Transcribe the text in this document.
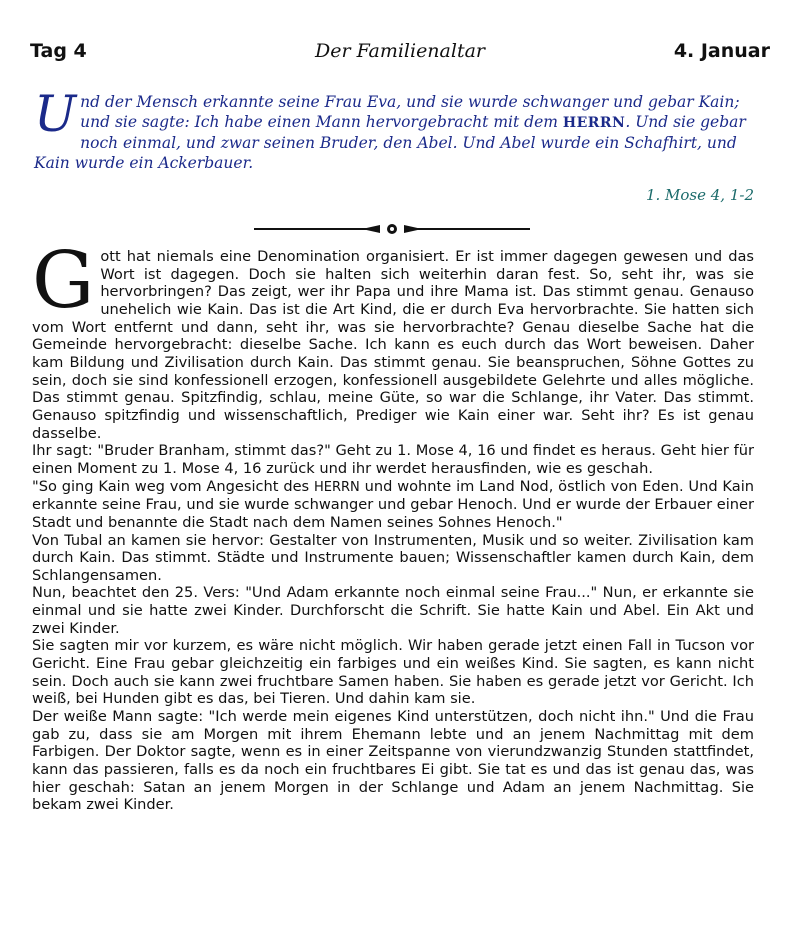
Tag 4	Der Familienaltar	4. Januar
Und der Mensch erkannte seine Frau Eva, und sie wurde schwanger und gebar Kain; und sie sagte: Ich habe einen Mann hervorgebracht mit dem HERRN. Und sie gebar noch einmal, und zwar seinen Bruder, den Abel. Und Abel wurde ein Schafhirt, und Kain wurde ein Ackerbauer.
1. Mose 4, 1-2

Gott hat niemals eine Denomination organisiert. Er ist immer dagegen gewesen und das Wort ist dagegen. Doch sie halten sich weiterhin daran fest. So, seht ihr, was sie hervorbringen? Das zeigt, wer ihr Papa und ihre Mama ist. Das stimmt genau. Genauso unehelich wie Kain. Das ist die Art Kind, die er durch Eva hervorbrachte. Sie hatten sich vom Wort entfernt und dann, seht ihr, was sie hervorbrachte? Genau dieselbe Sache hat die Gemeinde hervorgebracht: dieselbe Sache. Ich kann es euch durch das Wort beweisen. Daher kam Bildung und Zivilisation durch Kain. Das stimmt genau. Sie beanspruchen, Söhne Gottes zu sein, doch sie sind konfessionell erzogen, konfessionell ausgebildete Gelehrte und alles mögliche. Das stimmt genau. Spitzfindig, schlau, meine Güte, so war die Schlange, ihr Vater. Das stimmt. Genauso spitzfindig und wissenschaftlich, Prediger wie Kain einer war. Seht ihr? Es ist genau dasselbe.

Ihr sagt: "Bruder Branham, stimmt das?" Geht zu 1. Mose 4, 16 und findet es heraus. Geht hier für einen Moment zu 1. Mose 4, 16 zurück und ihr werdet herausfinden, wie es geschah.

"So ging Kain weg vom Angesicht des HERRN und wohnte im Land Nod, östlich von Eden. Und Kain erkannte seine Frau, und sie wurde schwanger und gebar Henoch. Und er wurde der Erbauer einer Stadt und benannte die Stadt nach dem Namen seines Sohnes Henoch."

Von Tubal an kamen sie hervor: Gestalter von Instrumenten, Musik und so weiter. Zivilisation kam durch Kain. Das stimmt. Städte und Instrumente bauen; Wissenschaftler kamen durch Kain, dem Schlangensamen.

Nun, beachtet den 25. Vers: "Und Adam erkannte noch einmal seine Frau..." Nun, er erkannte sie einmal und sie hatte zwei Kinder. Durchforscht die Schrift. Sie hatte Kain und Abel. Ein Akt und zwei Kinder.

Sie sagten mir vor kurzem, es wäre nicht möglich. Wir haben gerade jetzt einen Fall in Tucson vor Gericht. Eine Frau gebar gleichzeitig ein farbiges und ein weißes Kind. Sie sagten, es kann nicht sein. Doch auch sie kann zwei fruchtbare Samen haben. Sie haben es gerade jetzt vor Gericht. Ich weiß, bei Hunden gibt es das, bei Tieren. Und dahin kam sie.

Der weiße Mann sagte: "Ich werde mein eigenes Kind unterstützen, doch nicht ihn." Und die Frau gab zu, dass sie am Morgen mit ihrem Ehemann lebte und an jenem Nachmittag mit dem Farbigen. Der Doktor sagte, wenn es in einer Zeitspanne von vierundzwanzig Stunden stattfindet, kann das passieren, falls es da noch ein fruchtbares Ei gibt. Sie tat es und das ist genau das, was hier geschah: Satan an jenem Morgen in der Schlange und Adam an jenem Nachmittag. Sie bekam zwei Kinder.
